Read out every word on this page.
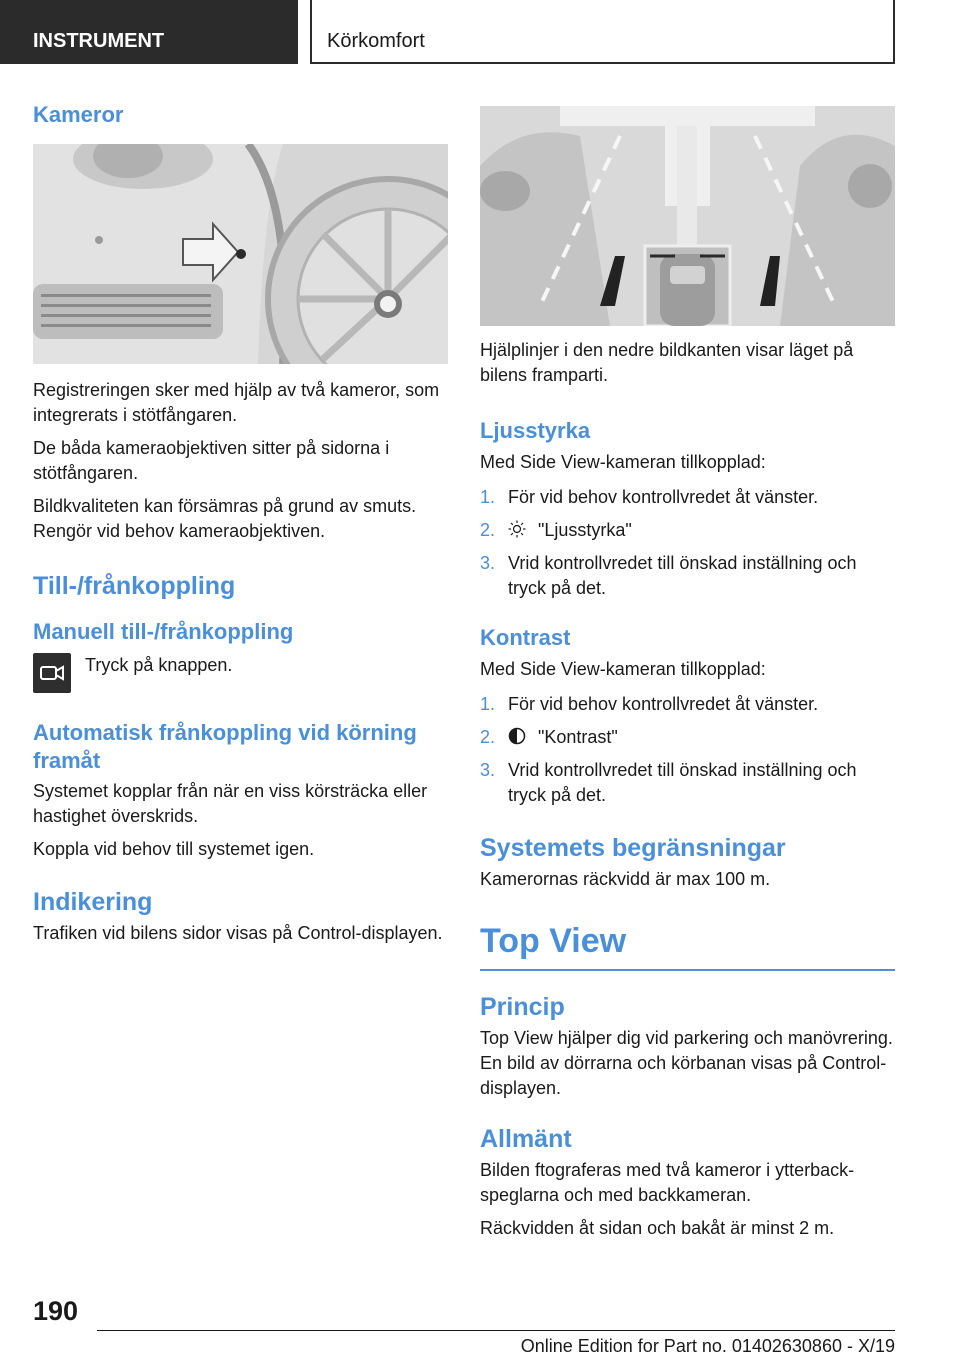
INSTRUMENT	Körkomfort
Kameror

Registreringen sker med hjälp av två kameror, som integrerats i stötfångaren.

De båda kameraobjektiven sitter på sidorna i stötfångaren.

Bildkvaliteten kan försämras på grund av smuts. Rengör vid behov kameraobjektiven.

Till-/frånkoppling
Manuell till-/frånkoppling

Tryck på knappen.

Automatisk frånkoppling vid körning framåt

Systemet kopplar från när en viss körsträcka eller hastighet överskrids.

Koppla vid behov till systemet igen.

Indikering

Trafiken vid bilens sidor visas på Control-displayen.

Hjälplinjer i den nedre bildkanten visar läget på bilens framparti.

Ljusstyrka

Med Side View-kameran tillkopplad:

1. För vid behov kontrollvredet åt vänster.
2.	"Ljusstyrka"
3. Vrid kontrollvredet till önskad inställning och tryck på det.
Kontrast

Med Side View-kameran tillkopplad:

1. För vid behov kontrollvredet åt vänster.
2.	"Kontrast"
3. Vrid kontrollvredet till önskad inställning och tryck på det.
Systemets begränsningar

Kamerornas räckvidd är max 100 m.

Top View
Princip

Top View hjälper dig vid parkering och manövrering. En bild av dörrarna och körbanan visas på Control-displayen.

Allmänt

Bilden ftograferas med två kameror i ytterbackspeglarna och med backkameran.

Räckvidden åt sidan och bakåt är minst 2 m.

190
Online Edition for Part no. 01402630860 - X/19
